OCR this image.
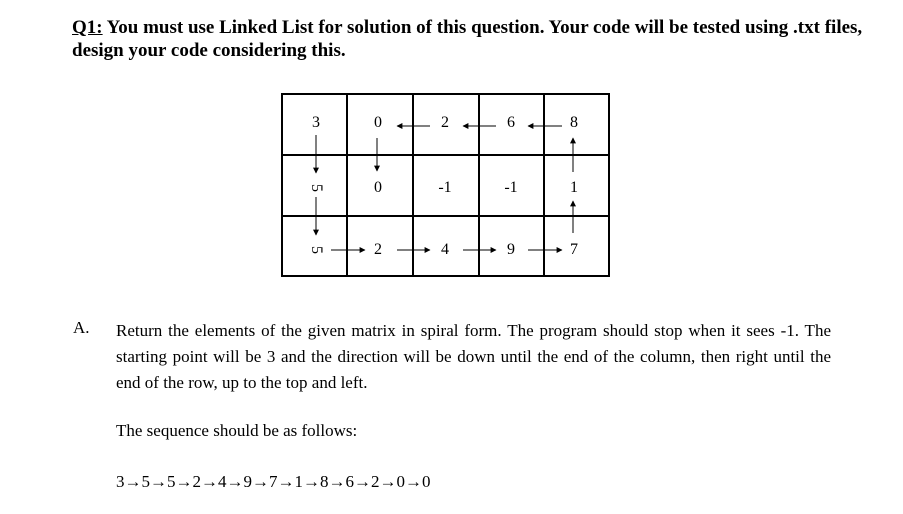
Q1: You must use Linked List for solution of this question. Your code will be tested using .txt files, design your code considering this.
3	0	2	6	8
5	0	-1	-1	1
5	2	4	9	7
A. Return the elements of the given matrix in spiral form. The program should stop when it sees -1. The starting point will be 3 and the direction will be down until the end of the column, then right until the end of the row, up to the top and left.
The sequence should be as follows:
3→5→5→2→4→9→7→1→8→6→2→0→0
